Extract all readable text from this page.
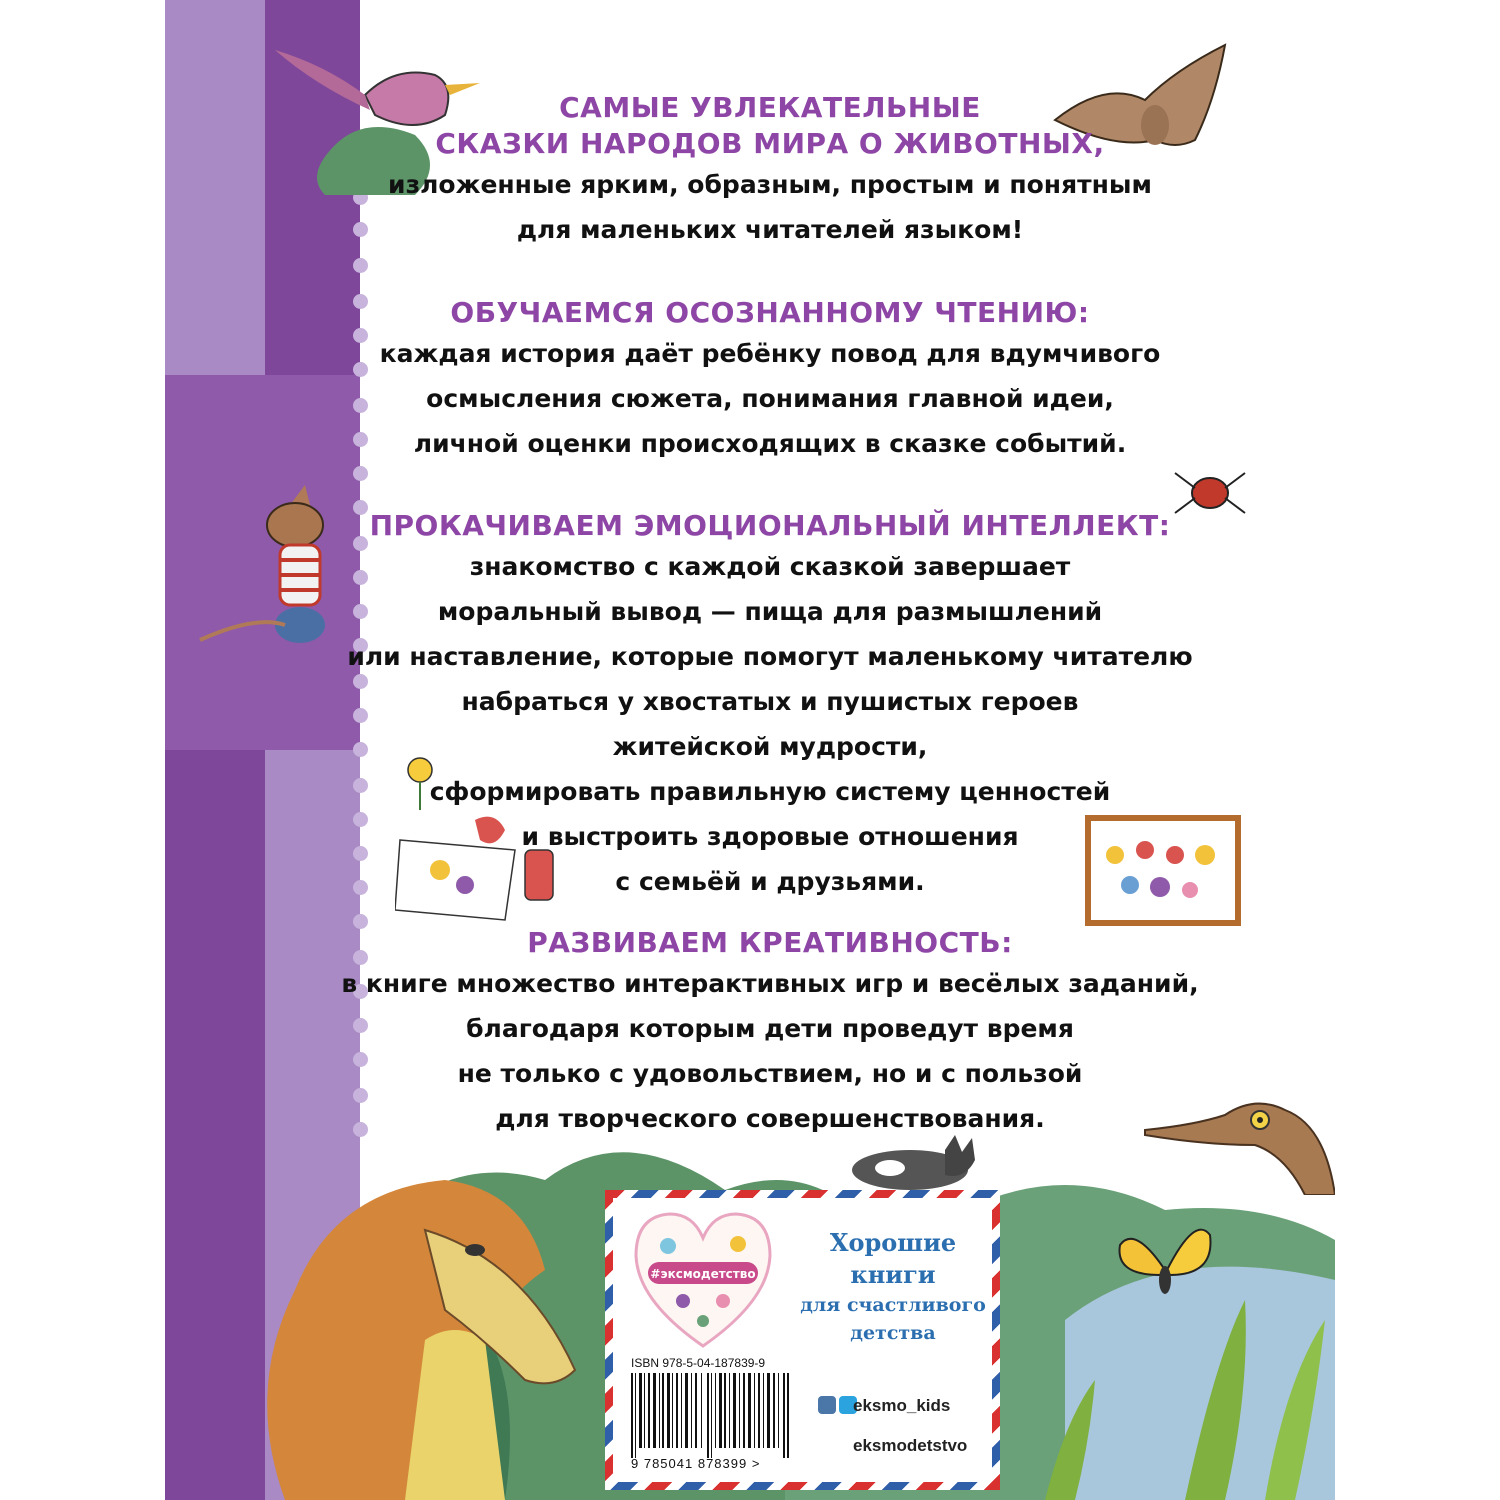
САМЫЕ УВЛЕКАТЕЛЬНЫЕ

СКАЗКИ НАРОДОВ МИРА О ЖИВОТНЫХ,

изложенные ярким, образным, простым и понятным

для маленьких читателей языком!

ОБУЧАЕМСЯ ОСОЗНАННОМУ ЧТЕНИЮ:

каждая история даёт ребёнку повод для вдумчивого

осмысления сюжета, понимания главной идеи,

личной оценки происходящих в сказке событий.

ПРОКАЧИВАЕМ ЭМОЦИОНАЛЬНЫЙ ИНТЕЛЛЕКТ:

знакомство с каждой сказкой завершает

моральный вывод — пища для размышлений

или наставление, которые помогут маленькому читателю

набраться у хвостатых и пушистых героев

житейской мудрости,

сформировать правильную систему ценностей

и выстроить здоровые отношения

с семьёй и друзьями.

РАЗВИВАЕМ КРЕАТИВНОСТЬ:

в книге множество интерактивных игр и весёлых заданий,

благодаря которым дети проведут время

не только с удовольствием, но и с пользой

для творческого совершенствования.

#эксмодетство
Хорошие
книги
для счастливого
детства
ISBN 978-5-04-187839-9
9 785041 878399 >
eksmo_kids
eksmodetstvo
